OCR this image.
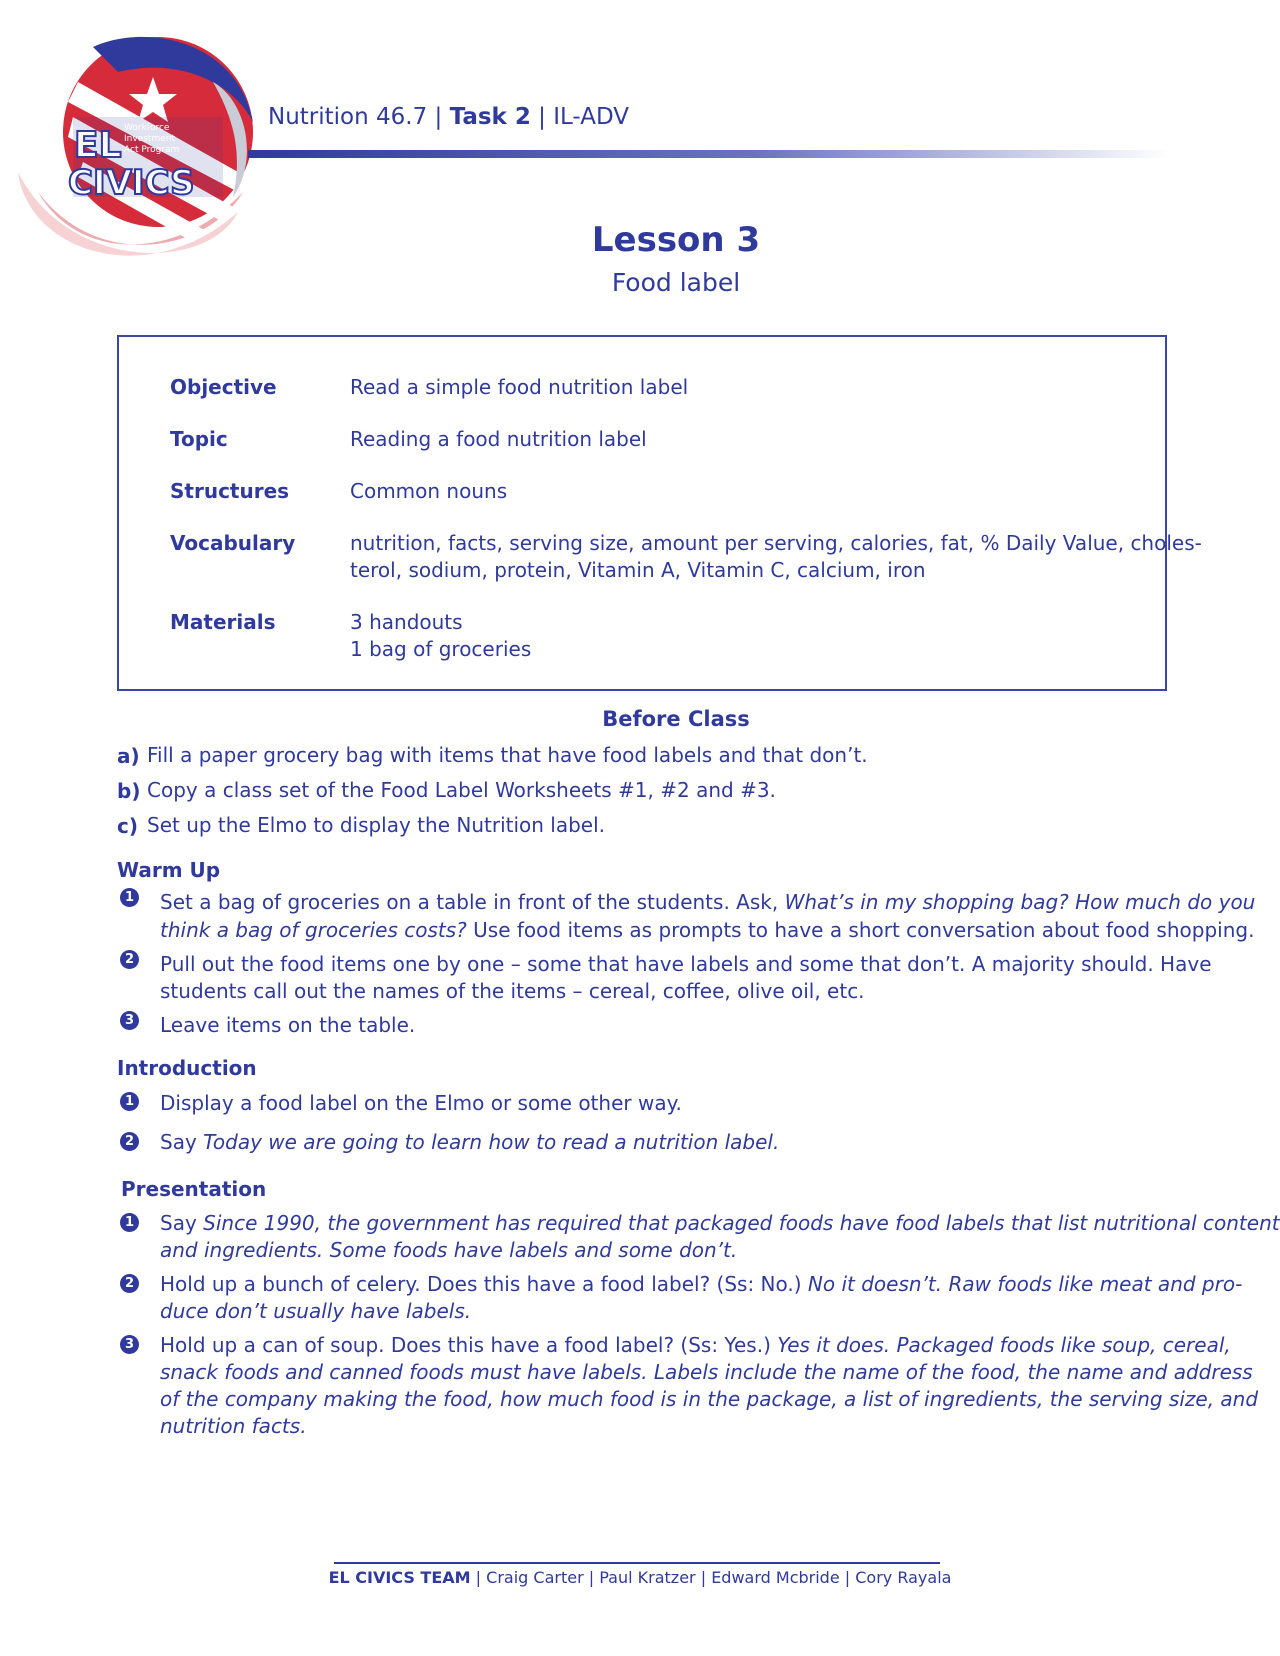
EL
CIVICS
Workforce
Investment
Act Program
Nutrition 46.7 | Task 2 | IL-ADV
Lesson 3
Food label
Objective	Read a simple food nutrition label
Topic	Reading a food nutrition label
Structures	Common nouns
Vocabulary	nutrition, facts, serving size, amount per serving, calories, fat, % Daily Value, choles-
terol, sodium, protein, Vitamin A, Vitamin C, calcium, iron
Materials	3 handouts
1 bag of groceries
Before Class
a) Fill a paper grocery bag with items that have food labels and that don’t.
b) Copy a class set of the Food Label Worksheets #1, #2 and #3.
c) Set up the Elmo to display the Nutrition label.
Warm Up
1 Set a bag of groceries on a table in front of the students. Ask, What’s in my shopping bag? How much do you
think a bag of groceries costs? Use food items as prompts to have a short conversation about food shopping.
2 Pull out the food items one by one – some that have labels and some that don’t. A majority should. Have
students call out the names of the items – cereal, coffee, olive oil, etc.
3 Leave items on the table.
Introduction
1 Display a food label on the Elmo or some other way.
2 Say Today we are going to learn how to read a nutrition label.
Presentation
1 Say Since 1990, the government has required that packaged foods have food labels that list nutritional content
and ingredients. Some foods have labels and some don’t.
2 Hold up a bunch of celery. Does this have a food label? (Ss: No.) No it doesn’t. Raw foods like meat and pro-
duce don’t usually have labels.
3 Hold up a can of soup. Does this have a food label? (Ss: Yes.) Yes it does. Packaged foods like soup, cereal,
snack foods and canned foods must have labels. Labels include the name of the food, the name and address
of the company making the food, how much food is in the package, a list of ingredients, the serving size, and
nutrition facts.
EL CIVICS TEAM | Craig Carter | Paul Kratzer | Edward Mcbride | Cory Rayala
